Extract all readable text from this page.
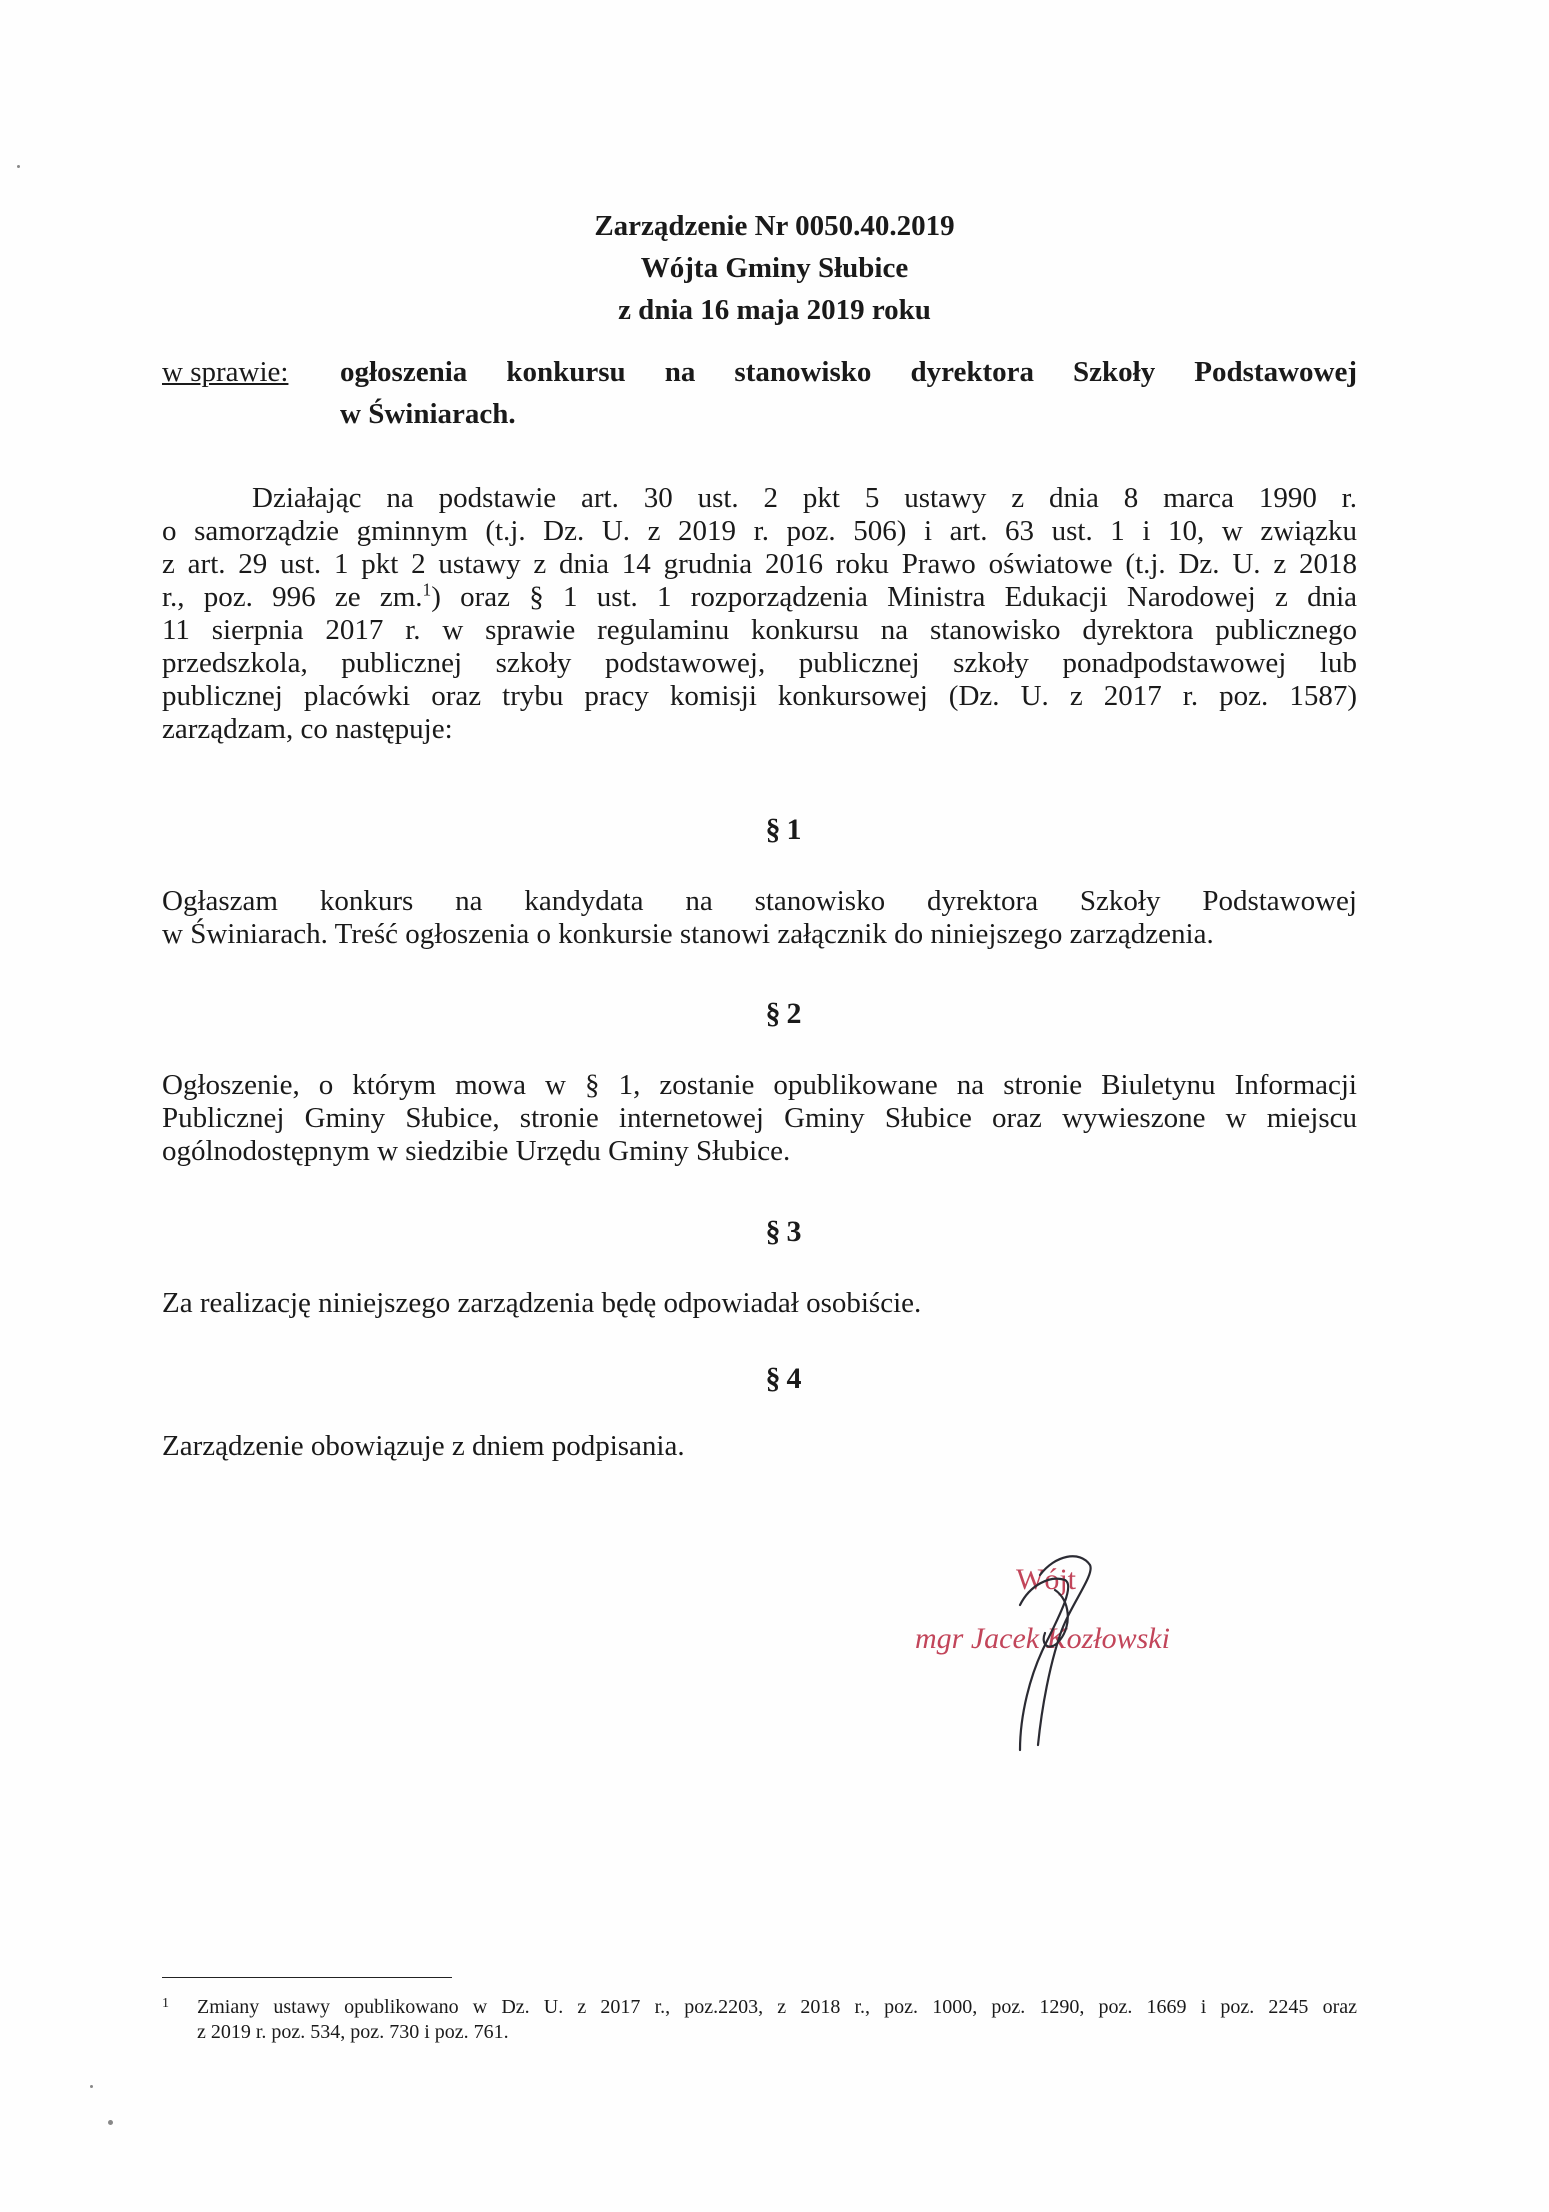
Zarządzenie Nr 0050.40.2019
Wójta Gminy Słubice
z dnia 16 maja 2019 roku
w sprawie:	ogłoszenia konkursu na stanowisko dyrektora Szkoły Podstawowej
w Świniarach.
Działając na podstawie art. 30 ust. 2 pkt 5 ustawy z dnia 8 marca 1990 r.
o samorządzie gminnym (t.j. Dz. U. z 2019 r. poz. 506) i art. 63 ust. 1 i 10, w związku
z art. 29 ust. 1 pkt 2 ustawy z dnia 14 grudnia 2016 roku Prawo oświatowe (t.j. Dz. U. z 2018
r., poz. 996 ze zm.$^1$) oraz § 1 ust. 1 rozporządzenia Ministra Edukacji Narodowej z dnia
11 sierpnia 2017 r. w sprawie regulaminu konkursu na stanowisko dyrektora publicznego
przedszkola, publicznej szkoły podstawowej, publicznej szkoły ponadpodstawowej lub
publicznej placówki oraz trybu pracy komisji konkursowej (Dz. U. z 2017 r. poz. 1587)
zarządzam, co następuje:
§ 1
Ogłaszam konkurs na kandydata na stanowisko dyrektora Szkoły Podstawowej
w Świniarach. Treść ogłoszenia o konkursie stanowi załącznik do niniejszego zarządzenia.
§ 2
Ogłoszenie, o którym mowa w § 1, zostanie opublikowane na stronie Biuletynu Informacji
Publicznej Gminy Słubice, stronie internetowej Gminy Słubice oraz wywieszone w miejscu
ogólnodostępnym w siedzibie Urzędu Gminy Słubice.
§ 3
Za realizację niniejszego zarządzenia będę odpowiadał osobiście.
§ 4
Zarządzenie obowiązuje z dniem podpisania.
Wójt
mgr Jacek Kozłowski
1 Zmiany ustawy opublikowano w Dz. U. z 2017 r., poz.2203, z 2018 r., poz. 1000, poz. 1290, poz. 1669 i poz. 2245 oraz
z 2019 r. poz. 534, poz. 730 i poz. 761.
